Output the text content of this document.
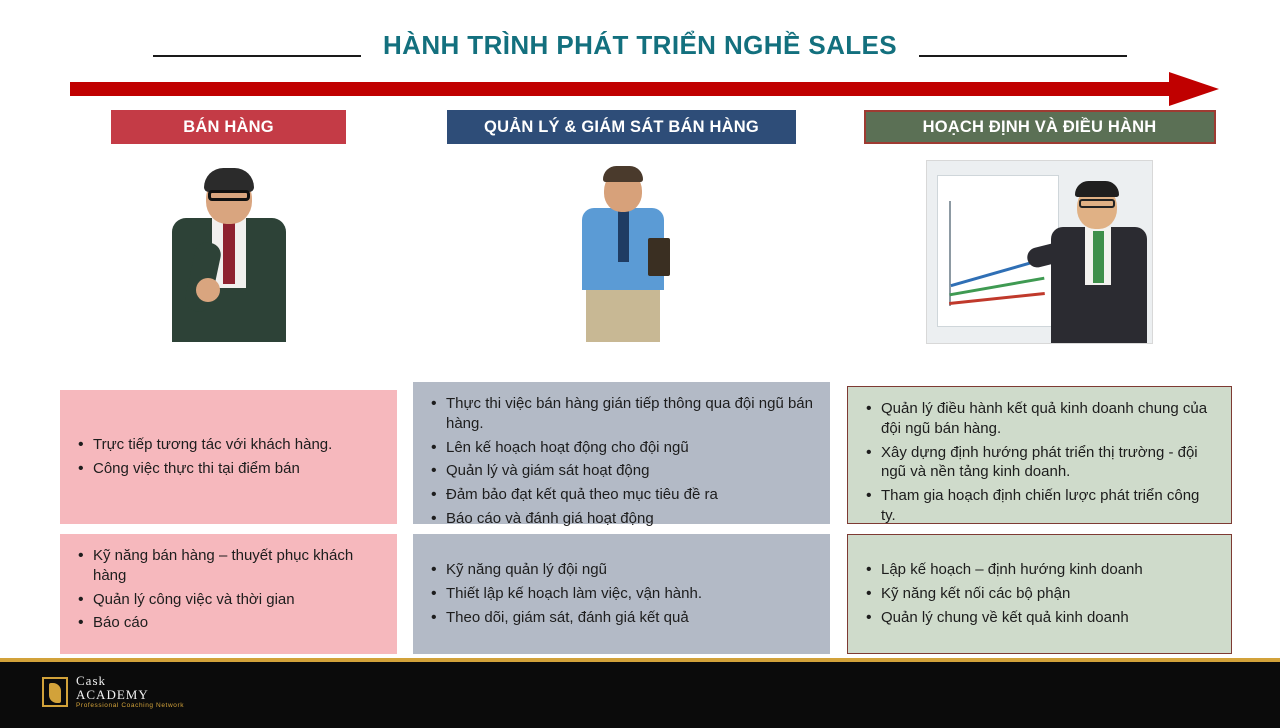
HÀNH TRÌNH PHÁT TRIỂN NGHỀ SALES
BÁN HÀNG	QUẢN LÝ & GIÁM SÁT BÁN HÀNG	HOẠCH ĐỊNH VÀ ĐIỀU HÀNH
• Trực tiếp tương tác với khách hàng.
• Công việc thực thi tại điểm bán
• Thực thi việc bán hàng gián tiếp thông qua đội ngũ bán hàng.
• Lên kế hoạch hoạt động cho đội ngũ
• Quản lý và giám sát hoạt động
• Đảm bảo đạt kết quả theo mục tiêu đề ra
• Báo cáo và đánh giá hoạt động
• Quản lý điều hành kết quả kinh doanh chung của đội ngũ bán hàng.
• Xây dựng định hướng phát triển thị trường - đội ngũ và nền tảng kinh doanh.
• Tham gia hoạch định chiến lược phát triển công ty.
• Kỹ năng bán hàng – thuyết phục khách hàng
• Quản lý công việc và thời gian
• Báo cáo
• Kỹ năng quản lý đội ngũ
• Thiết lập kế hoạch làm việc, vận hành.
• Theo dõi, giám sát, đánh giá kết quả
• Lập kế hoạch – định hướng kinh doanh
• Kỹ năng kết nối các bộ phận
• Quản lý chung về kết quả kinh doanh
Cask
ACADEMY
Professional Coaching Network
